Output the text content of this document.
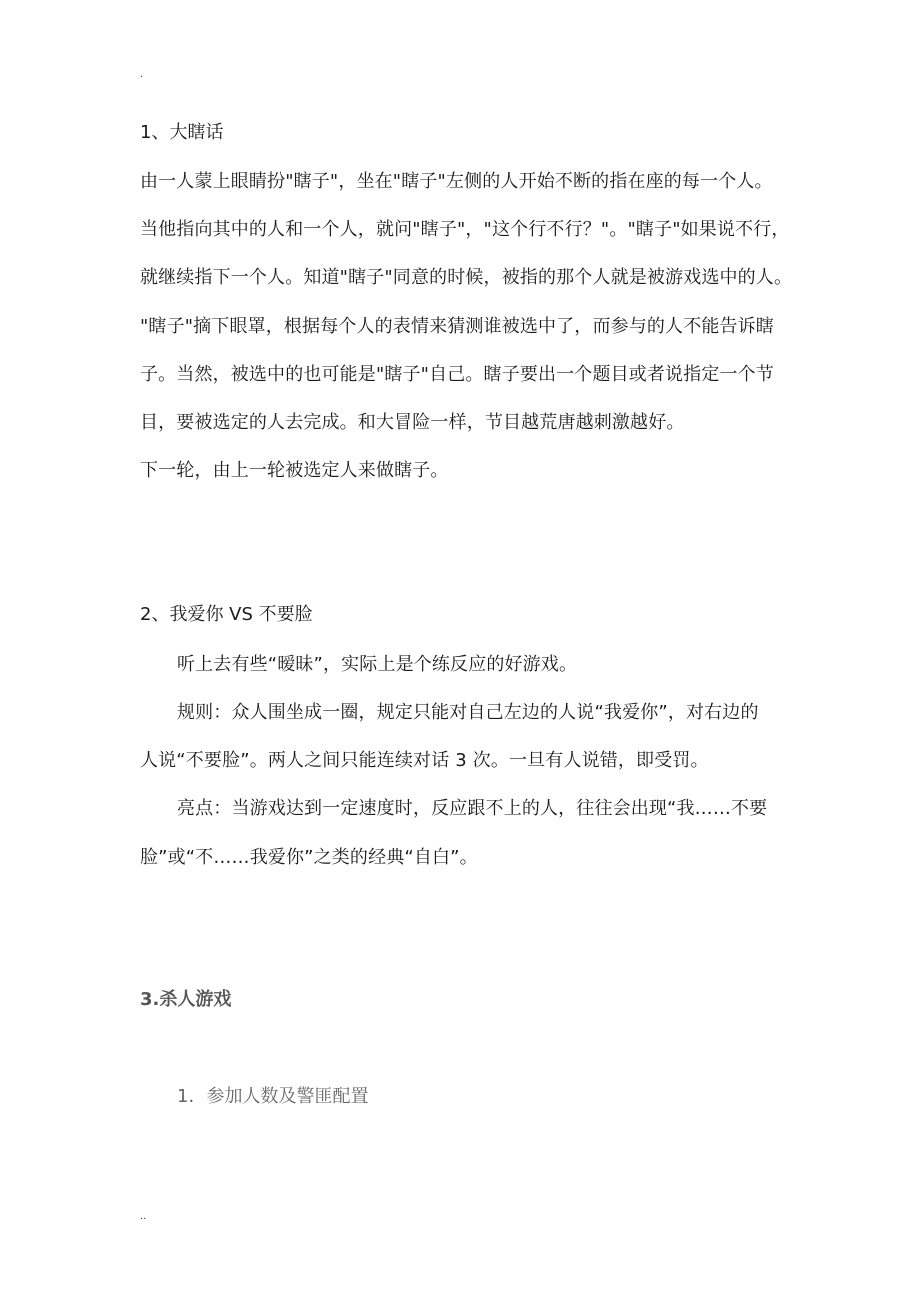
.
1、大瞎话
由一人蒙上眼睛扮"瞎子"，坐在"瞎子"左侧的人开始不断的指在座的每一个人。
当他指向其中的人和一个人，就问"瞎子"，"这个行不行？"。"瞎子"如果说不行，
就继续指下一个人。知道"瞎子"同意的时候，被指的那个人就是被游戏选中的人。
"瞎子"摘下眼罩，根据每个人的表情来猜测谁被选中了，而参与的人不能告诉瞎
子。当然，被选中的也可能是"瞎子"自己。瞎子要出一个题目或者说指定一个节
目，要被选定的人去完成。和大冒险一样，节目越荒唐越刺激越好。
下一轮，由上一轮被选定人来做瞎子。
2、我爱你 VS 不要脸
听上去有些“暧昧”，实际上是个练反应的好游戏。
规则：众人围坐成一圈，规定只能对自己左边的人说“我爱你”，对右边的
人说“不要脸”。两人之间只能连续对话 3 次。一旦有人说错，即受罚。
亮点：当游戏达到一定速度时，反应跟不上的人，往往会出现“我……不要
脸”或“不……我爱你”之类的经典“自白”。
3.杀人游戏
1．参加人数及警匪配置
..
